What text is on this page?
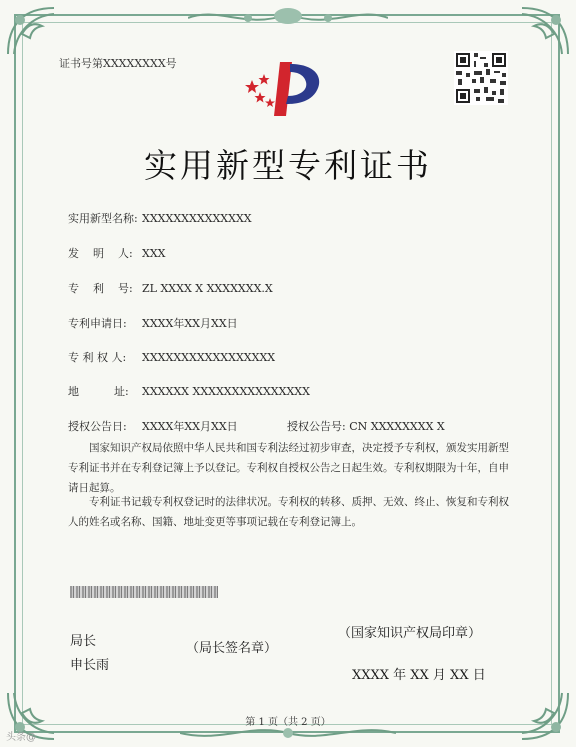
证书号第XXXXXXXX号
实用新型专利证书
实用新型名称: XXXXXXXXXXXXXX
发    明    人: XXX
专    利    号: ZL XXXX X XXXXXXX.X
专利申请日: XXXX年XX月XX日
专 利 权 人: XXXXXXXXXXXXXXXXX
地          址: XXXXXX XXXXXXXXXXXXXXX
授权公告日: XXXX年XX月XX日	授权公告号: CN XXXXXXXX X
国家知识产权局依照中华人民共和国专利法经过初步审查，决定授予专利权，颁发实用新型专利证书并在专利登记簿上予以登记。专利权自授权公告之日起生效。专利权期限为十年，自申请日起算。
专利证书记载专利权登记时的法律状况。专利权的转移、质押、无效、终止、恢复和专利权人的姓名或名称、国籍、地址变更等事项记载在专利登记簿上。
局长
申长雨
（局长签名章）
（国家知识产权局印章）
XXXX 年 XX 月 XX 日
第 1 页（共 2 页）
头条@
